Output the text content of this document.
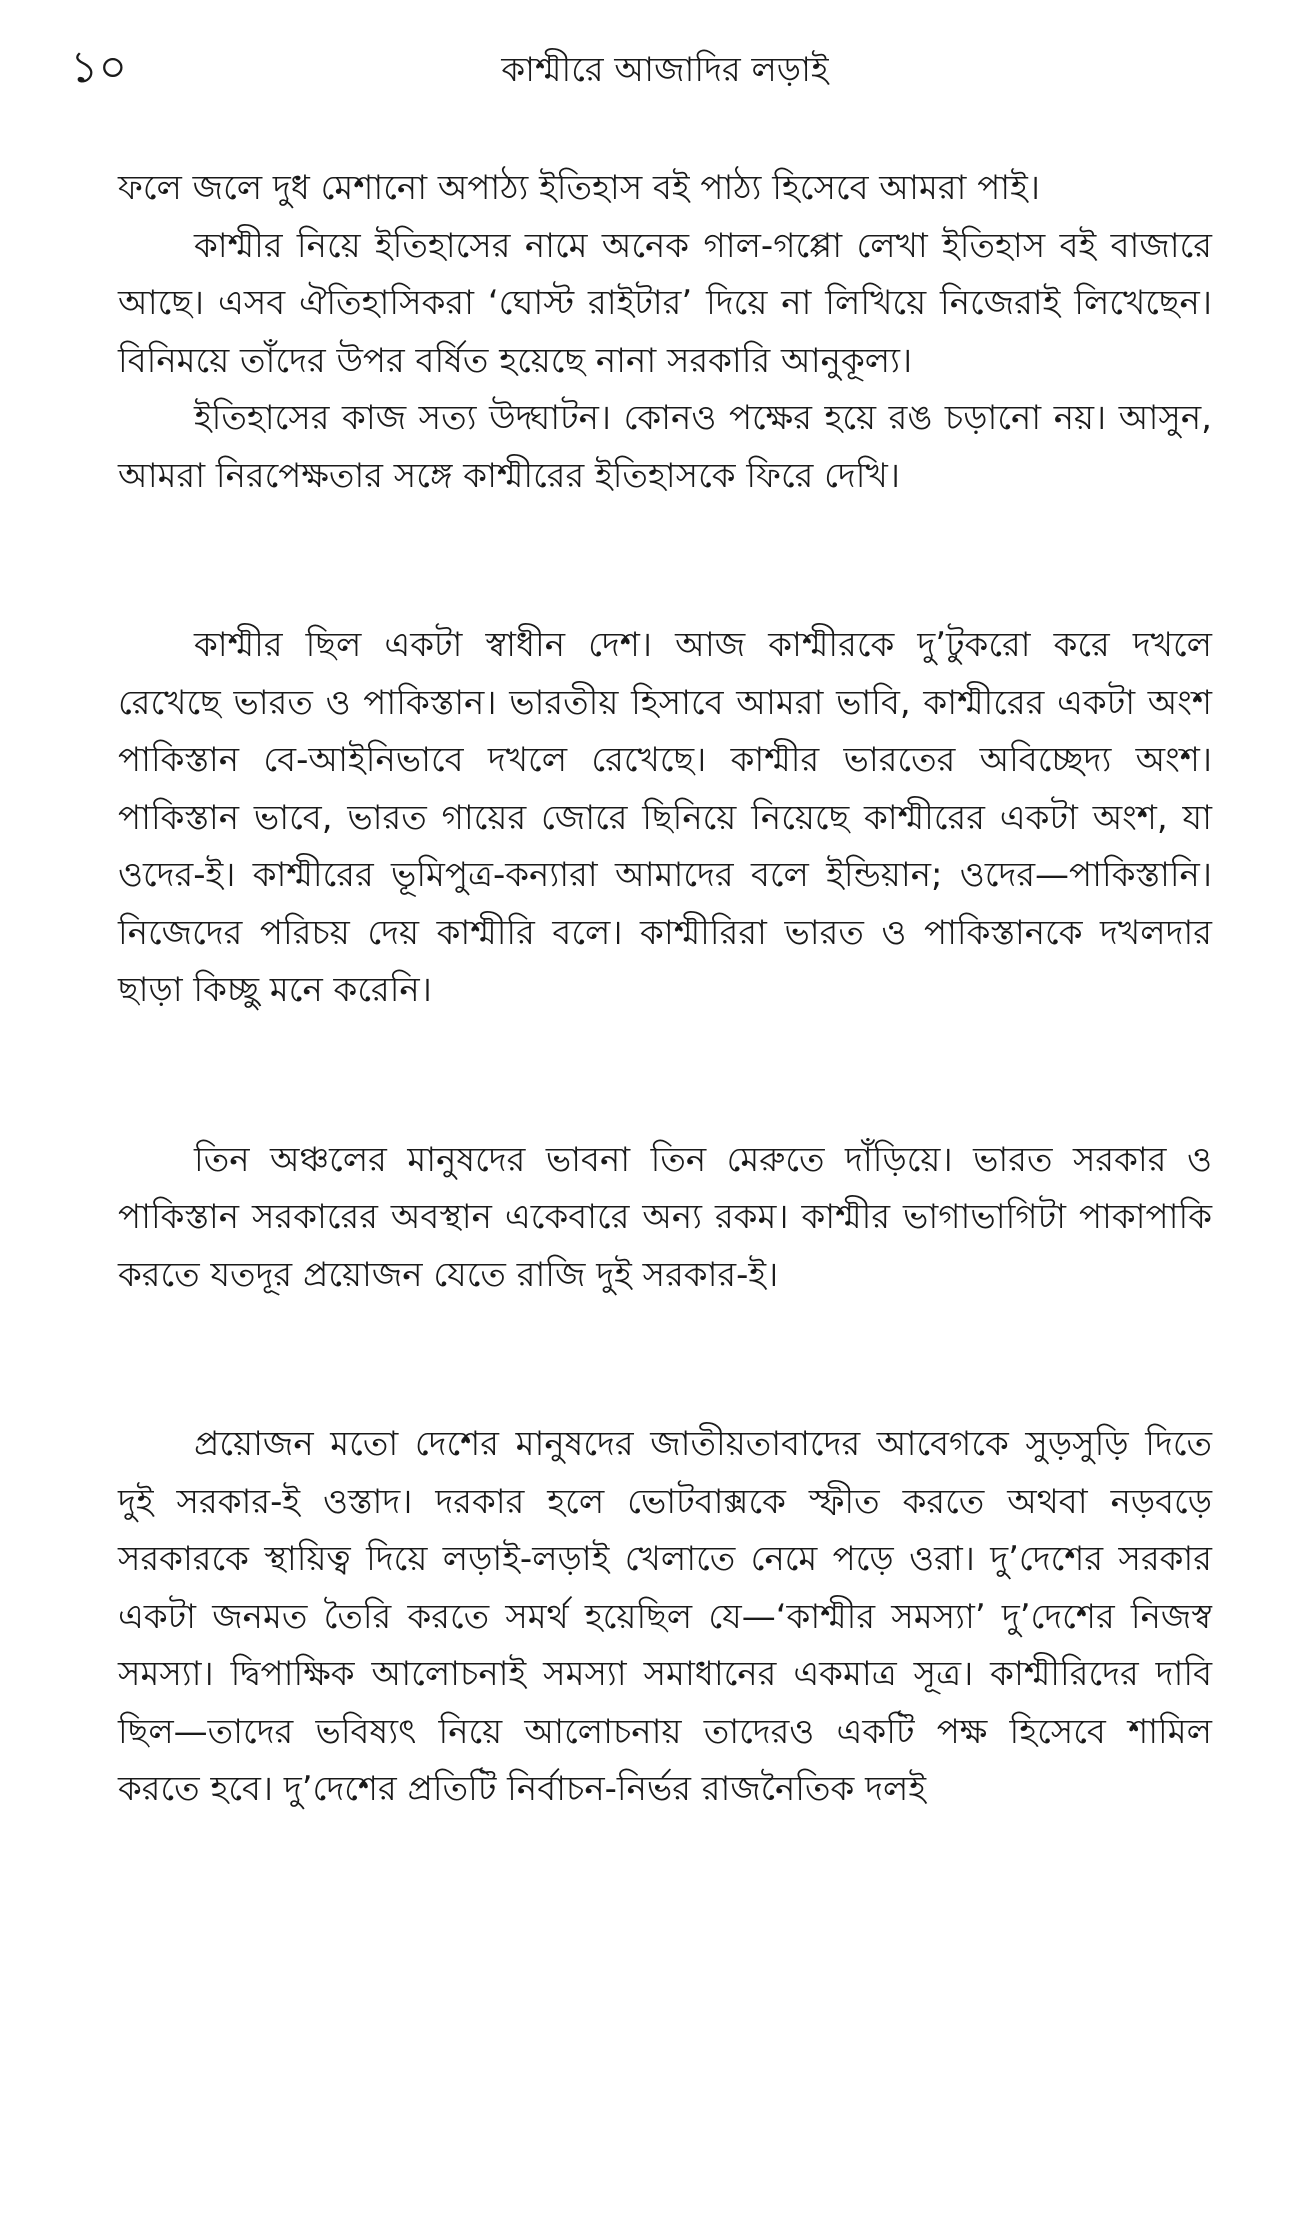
১০	কাশ্মীরে আজাদির লড়াই

ফলে জলে দুধ মেশানো অপাঠ্য ইতিহাস বই পাঠ্য হিসেবে আমরা পাই।

কাশ্মীর নিয়ে ইতিহাসের নামে অনেক গাল-গপ্পো লেখা ইতিহাস বই বাজারে আছে। এসব ঐতিহাসিকরা ‘ঘোস্ট রাইটার’ দিয়ে না লিখিয়ে নিজেরাই লিখেছেন। বিনিময়ে তাঁদের উপর বর্ষিত হয়েছে নানা সরকারি আনুকূল্য।

ইতিহাসের কাজ সত্য উদ্ঘাটন। কোনও পক্ষের হয়ে রঙ চড়ানো নয়। আসুন, আমরা নিরপেক্ষতার সঙ্গে কাশ্মীরের ইতিহাসকে ফিরে দেখি।

কাশ্মীর ছিল একটা স্বাধীন দেশ। আজ কাশ্মীরকে দু’টুকরো করে দখলে রেখেছে ভারত ও পাকিস্তান। ভারতীয় হিসাবে আমরা ভাবি, কাশ্মীরের একটা অংশ পাকিস্তান বে-আইনিভাবে দখলে রেখেছে। কাশ্মীর ভারতের অবিচ্ছেদ্য অংশ। পাকিস্তান ভাবে, ভারত গায়ের জোরে ছিনিয়ে নিয়েছে কাশ্মীরের একটা অংশ, যা ওদের-ই। কাশ্মীরের ভূমিপুত্র-কন্যারা আমাদের বলে ইন্ডিয়ান; ওদের—পাকিস্তানি। নিজেদের পরিচয় দেয় কাশ্মীরি বলে। কাশ্মীরিরা ভারত ও পাকিস্তানকে দখলদার ছাড়া কিচ্ছু মনে করেনি।

তিন অঞ্চলের মানুষদের ভাবনা তিন মেরুতে দাঁড়িয়ে। ভারত সরকার ও পাকিস্তান সরকারের অবস্থান একেবারে অন্য রকম। কাশ্মীর ভাগাভাগিটা পাকাপাকি করতে যতদূর প্রয়োজন যেতে রাজি দুই সরকার-ই।

প্রয়োজন মতো দেশের মানুষদের জাতীয়তাবাদের আবেগকে সুড়সুড়ি দিতে দুই সরকার-ই ওস্তাদ। দরকার হলে ভোটবাক্সকে স্ফীত করতে অথবা নড়বড়ে সরকারকে স্থায়িত্ব দিয়ে লড়াই-লড়াই খেলাতে নেমে পড়ে ওরা। দু’দেশের সরকার একটা জনমত তৈরি করতে সমর্থ হয়েছিল যে—‘কাশ্মীর সমস্যা’ দু’দেশের নিজস্ব সমস্যা। দ্বিপাক্ষিক আলোচনাই সমস্যা সমাধানের একমাত্র সূত্র। কাশ্মীরিদের দাবি ছিল—তাদের ভবিষ্যৎ নিয়ে আলোচনায় তাদেরও একটি পক্ষ হিসেবে শামিল করতে হবে। দু’দেশের প্রতিটি নির্বাচন-নির্ভর রাজনৈতিক দলই
